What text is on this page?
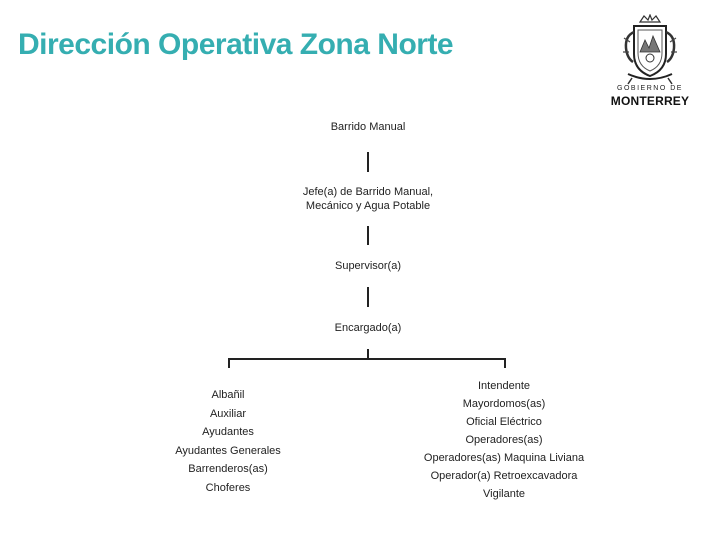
Dirección Operativa Zona Norte
GOBIERNO DE
MONTERREY
Barrido Manual
Jefe(a) de Barrido Manual,
Mecánico y Agua Potable
Supervisor(a)
Encargado(a)
Albañil
Auxiliar
Ayudantes
Ayudantes Generales
Barrenderos(as)
Choferes
Intendente
Mayordomos(as)
Oficial Eléctrico
Operadores(as)
Operadores(as) Maquina Liviana
Operador(a) Retroexcavadora
Vigilante
